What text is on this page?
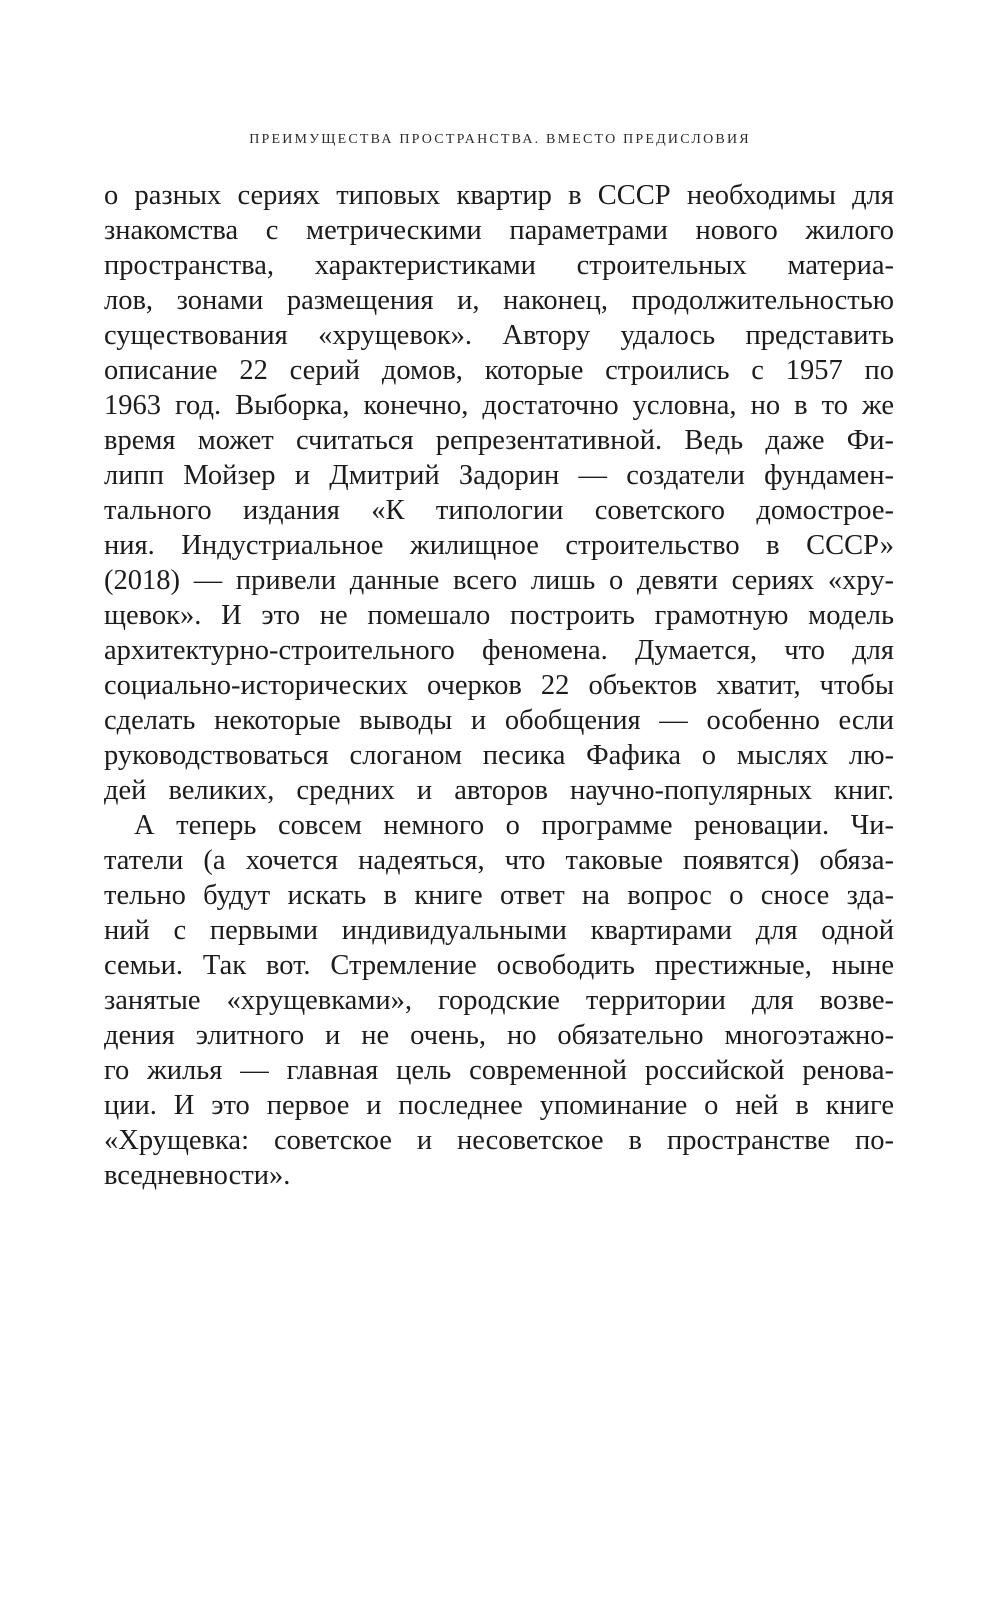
ПРЕИМУЩЕСТВА ПРОСТРАНСТВА. ВМЕСТО ПРЕДИСЛОВИЯ
о разных сериях типовых квартир в СССР необходимы для
знакомства с метрическими параметрами нового жилого
пространства, характеристиками строительных материа-
лов, зонами размещения и, наконец, продолжительностью
существования «хрущевок». Автору удалось представить
описание 22 серий домов, которые строились с 1957 по
1963 год. Выборка, конечно, достаточно условна, но в то же
время может считаться репрезентативной. Ведь даже Фи-
липп Мойзер и Дмитрий Задорин — создатели фундамен-
тального издания «К типологии советского домострое-
ния. Индустриальное жилищное строительство в СССР»
(2018) — привели данные всего лишь о девяти сериях «хру-
щевок». И это не помешало построить грамотную модель
архитектурно-строительного феномена. Думается, что для
социально-исторических очерков 22 объектов хватит, чтобы
сделать некоторые выводы и обобщения — особенно если
руководствоваться слоганом песика Фафика о мыслях лю-
дей великих, средних и авторов научно-популярных книг.
А теперь совсем немного о программе реновации. Чи-
татели (а хочется надеяться, что таковые появятся) обяза-
тельно будут искать в книге ответ на вопрос о сносе зда-
ний с первыми индивидуальными квартирами для одной
семьи. Так вот. Стремление освободить престижные, ныне
занятые «хрущевками», городские территории для возве-
дения элитного и не очень, но обязательно многоэтажно-
го жилья — главная цель современной российской ренова-
ции. И это первое и последнее упоминание о ней в книге
«Хрущевка: советское и несоветское в пространстве по-
вседневности».
